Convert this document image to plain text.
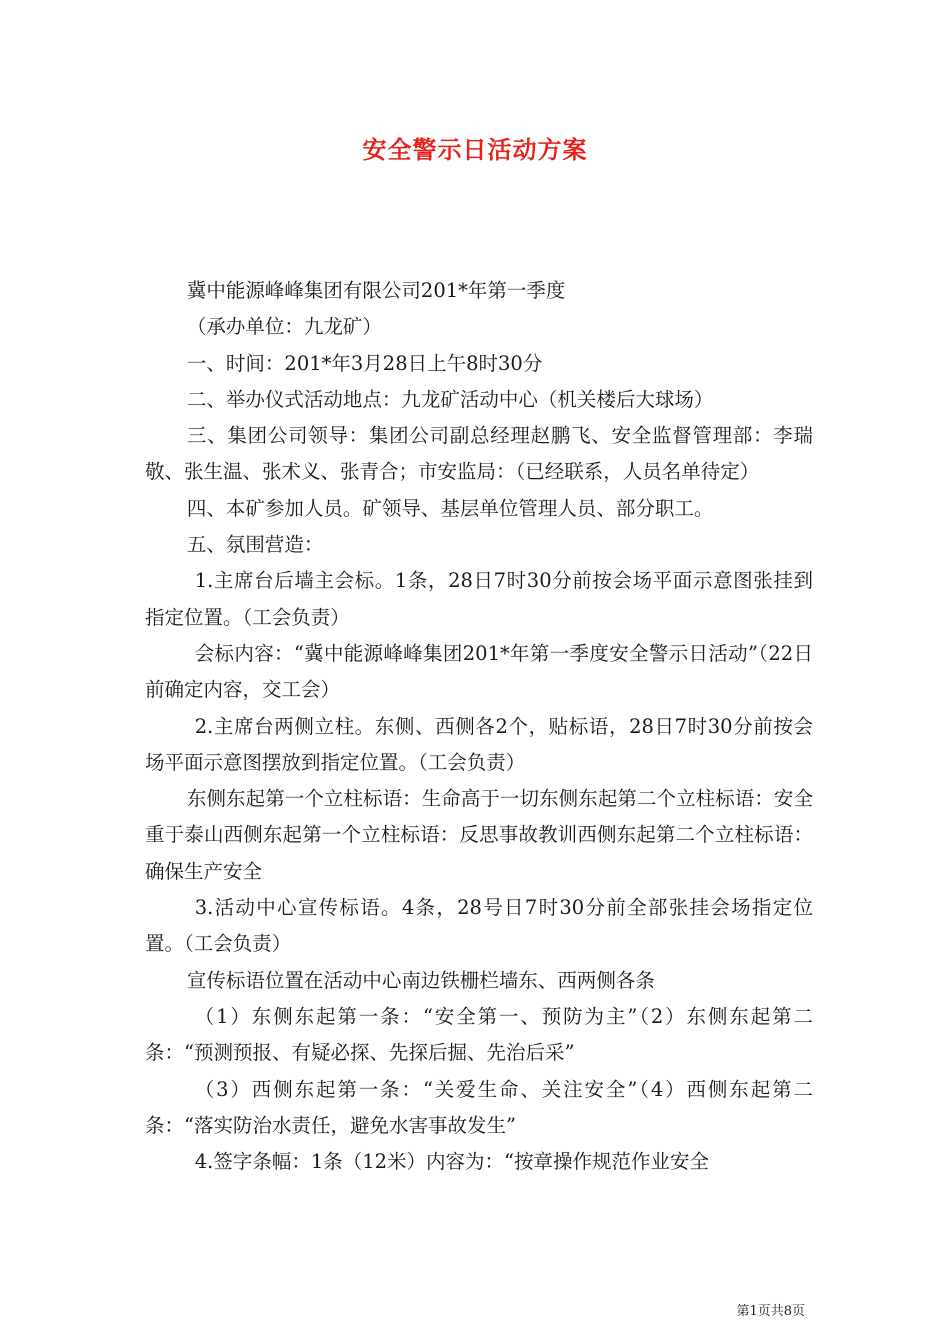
安全警示日活动方案

冀中能源峰峰集团有限公司201*年第一季度

（承办单位：九龙矿）

一、时间：201*年3月28日上午8时30分

二、举办仪式活动地点：九龙矿活动中心（机关楼后大球场）

三、集团公司领导：集团公司副总经理赵鹏飞、安全监督管理部：李瑞敬、张生温、张术义、张青合；市安监局：（已经联系，人员名单待定）

四、本矿参加人员。矿领导、基层单位管理人员、部分职工。

五、氛围营造：

1.主席台后墙主会标。1条，28日7时30分前按会场平面示意图张挂到指定位置。（工会负责）

会标内容：“冀中能源峰峰集团201*年第一季度安全警示日活动”（22日前确定内容，交工会）

2.主席台两侧立柱。东侧、西侧各2个，贴标语，28日7时30分前按会场平面示意图摆放到指定位置。（工会负责）

东侧东起第一个立柱标语：生命高于一切东侧东起第二个立柱标语：安全重于泰山西侧东起第一个立柱标语：反思事故教训西侧东起第二个立柱标语：确保生产安全

3.活动中心宣传标语。4条，28号日7时30分前全部张挂会场指定位置。（工会负责）

宣传标语位置在活动中心南边铁栅栏墙东、西两侧各条

（1）东侧东起第一条：“安全第一、预防为主”（2）东侧东起第二条：“预测预报、有疑必探、先探后掘、先治后采”

（3）西侧东起第一条：“关爱生命、关注安全”（4）西侧东起第二条：“落实防治水责任，避免水害事故发生”

4.签字条幅：1条（12米）内容为：“按章操作规范作业安全

第1页共8页
